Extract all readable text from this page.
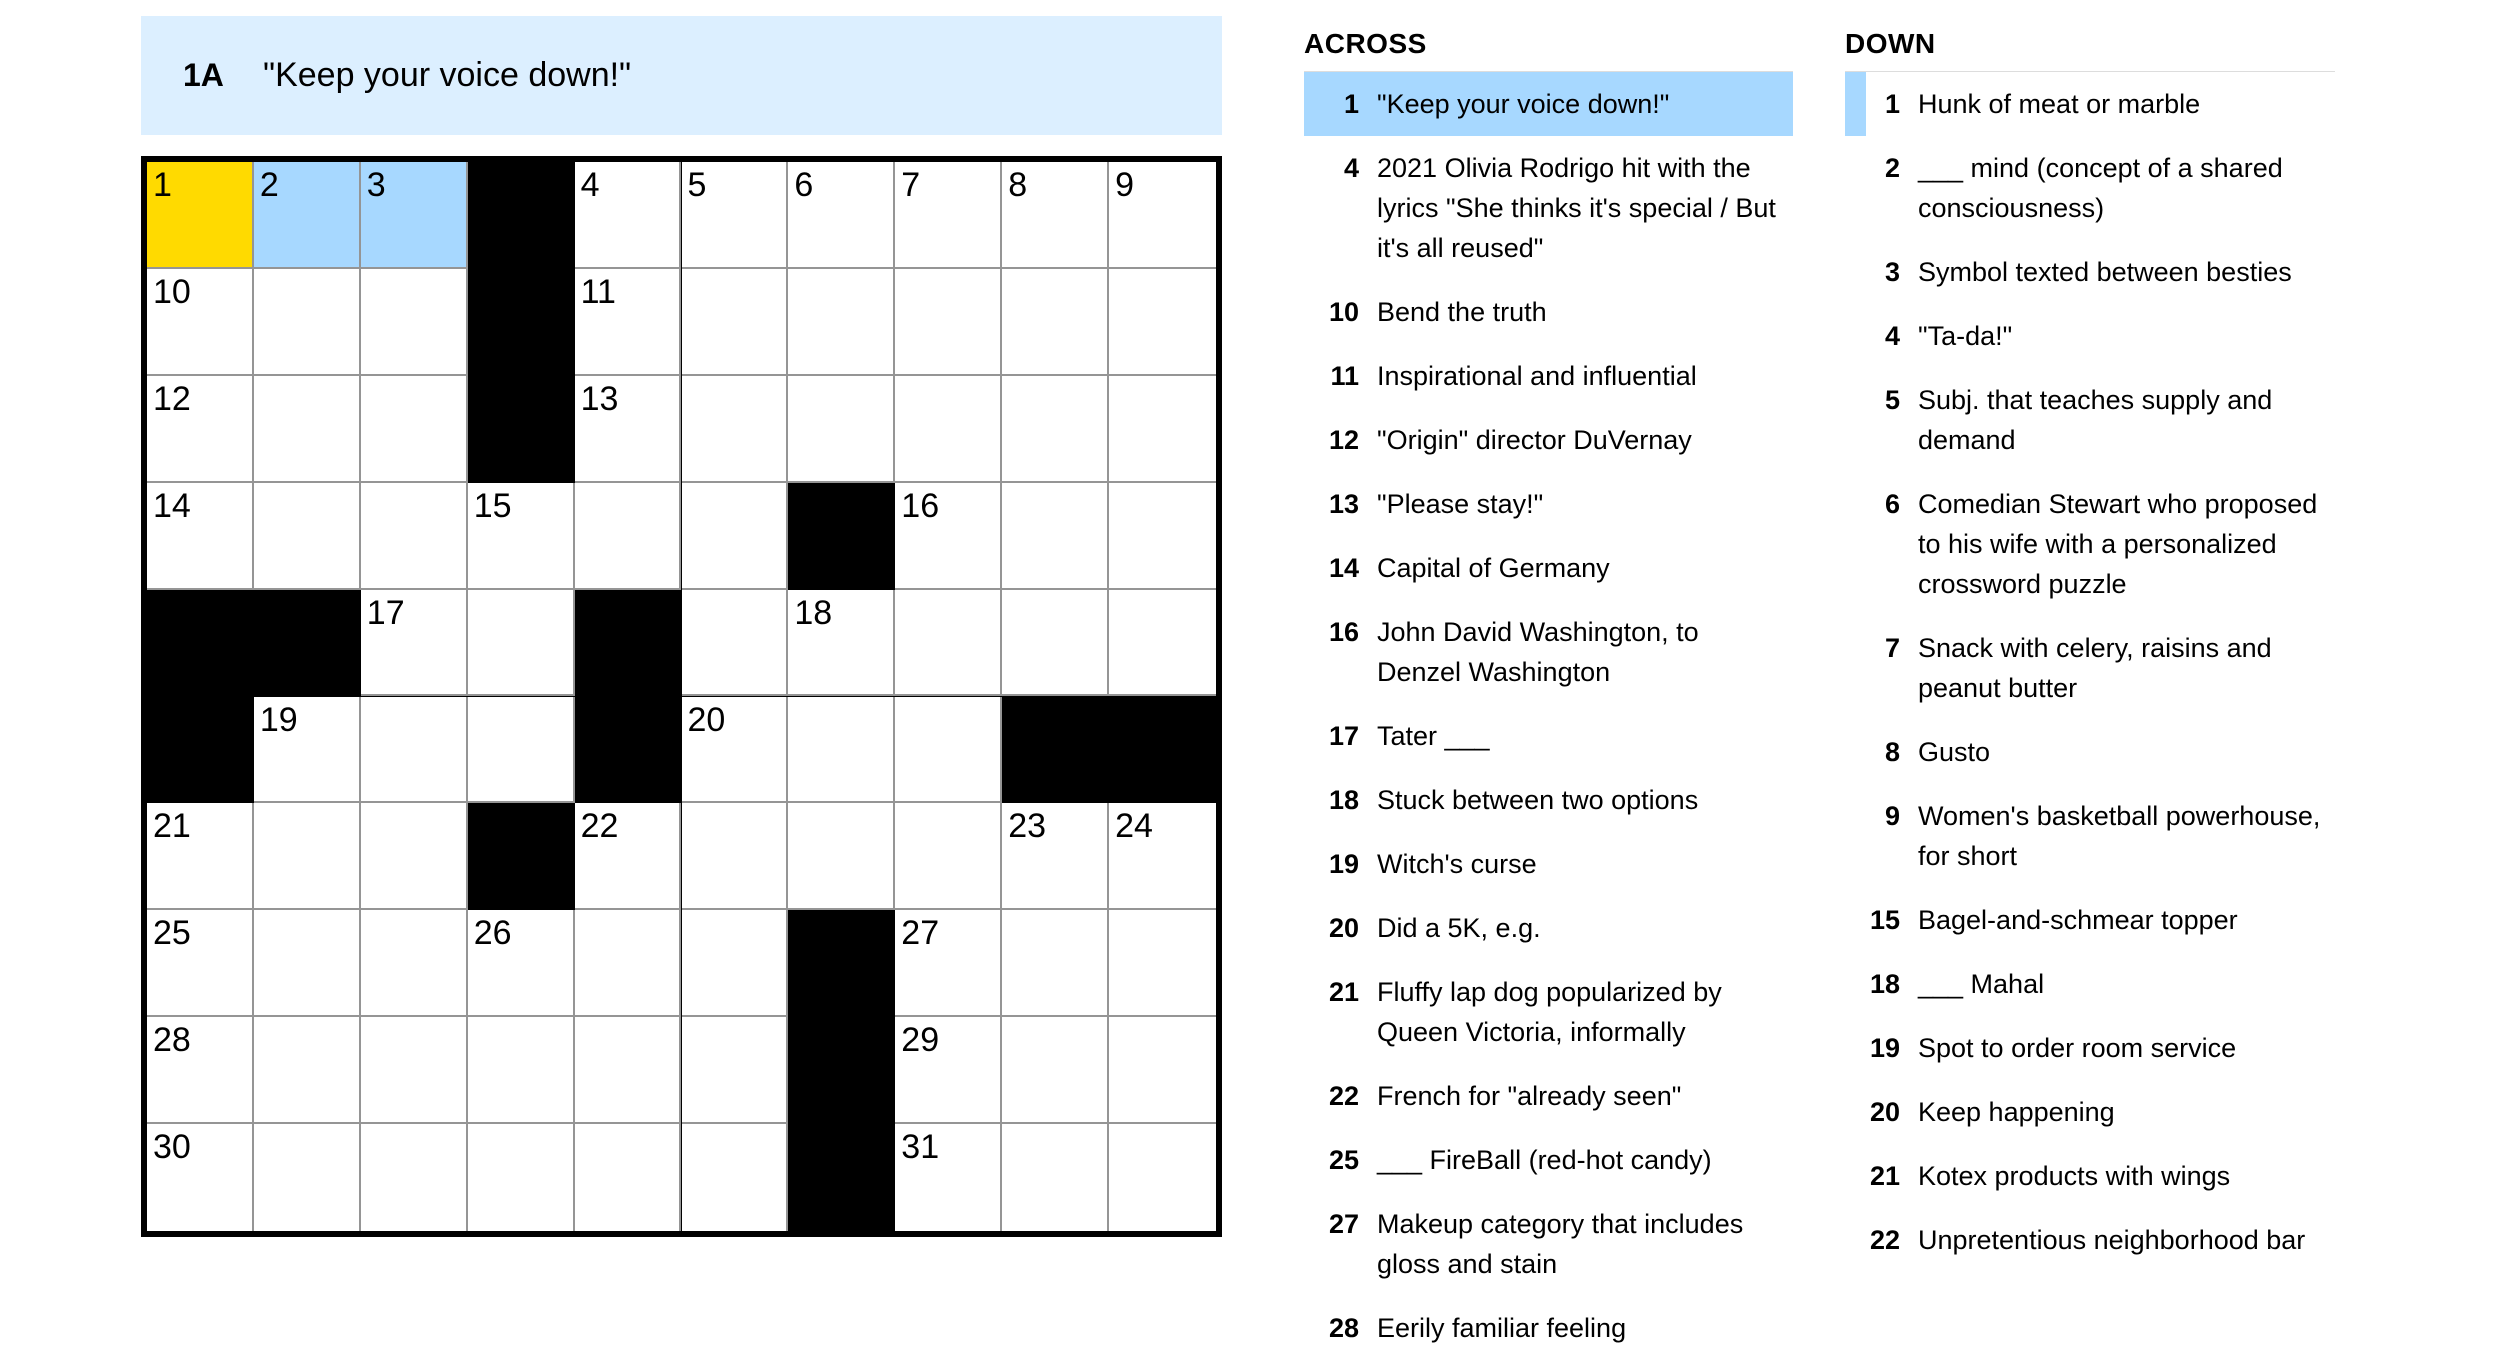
1A	"Keep your voice down!"
1	2	3	4	5	6	7	8	9
10	11
12	13
14	15	16
17	18
19	20
21	22	23 24
25	26	27
28	29
30	31
ACROSS
1 "Keep your voice down!"
4 2021 Olivia Rodrigo hit with the lyrics "She thinks it's special / But it's all reused"
10 Bend the truth
11 Inspirational and influential
12 "Origin" director DuVernay
13 "Please stay!"
14 Capital of Germany
16 John David Washington, to Denzel Washington
17 Tater ___
18 Stuck between two options
19 Witch's curse
20 Did a 5K, e.g.
21 Fluffy lap dog popularized by Queen Victoria, informally
22 French for "already seen"
25 ___ FireBall (red-hot candy)
27 Makeup category that includes gloss and stain
28 Eerily familiar feeling
DOWN
1 Hunk of meat or marble
2 ___ mind (concept of a shared consciousness)
3 Symbol texted between besties
4 "Ta-da!"
5 Subj. that teaches supply and demand
6 Comedian Stewart who proposed to his wife with a personalized crossword puzzle
7 Snack with celery, raisins and peanut butter
8 Gusto
9 Women's basketball powerhouse, for short
15 Bagel-and-schmear topper
18 ___ Mahal
19 Spot to order room service
20 Keep happening
21 Kotex products with wings
22 Unpretentious neighborhood bar
